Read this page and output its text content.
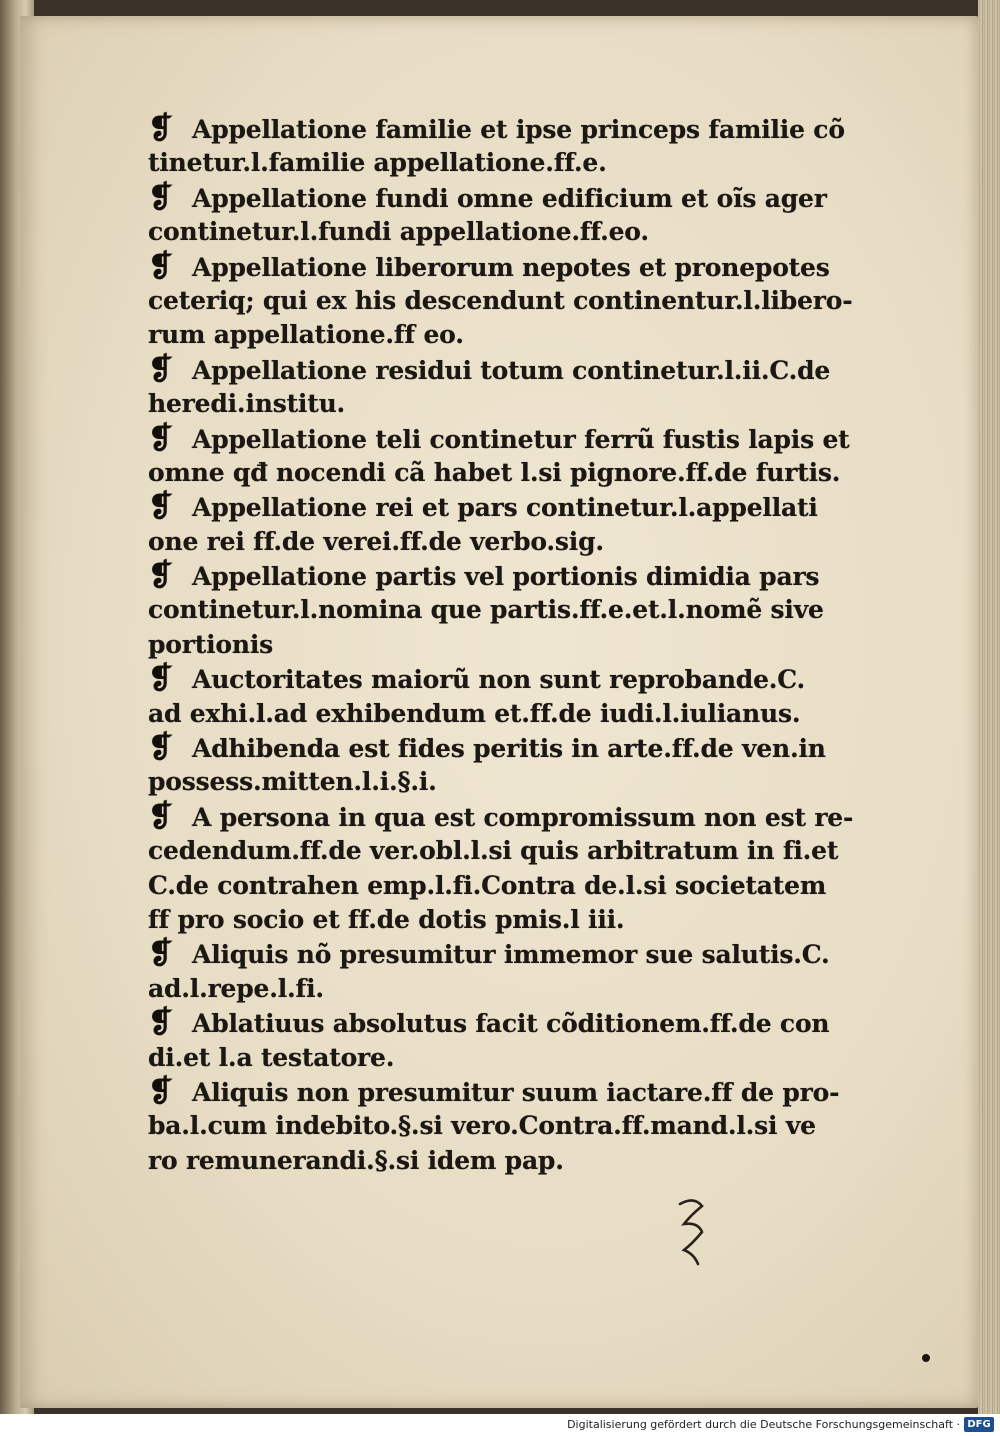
❡ Appellatione familie et ipse princeps familie cõ
tinetur.l.familie appellatione.ff.e.
❡ Appellatione fundi omne edificium et oĩs ager
continetur.l.fundi appellatione.ff.eo.
❡ Appellatione liberorum nepotes et pronepotes
ceteriq; qui ex his descendunt continentur.l.libero-
rum appellatione.ff eo.
❡ Appellatione residui totum continetur.l.ii.C.de
heredi.institu.
❡ Appellatione teli continetur ferrũ fustis lapis et
omne qđ nocendi cã habet l.si pignore.ff.de furtis.
❡ Appellatione rei et pars continetur.l.appellati
one rei ff.de verei.ff.de verbo.sig.
❡ Appellatione partis vel portionis dimidia pars
continetur.l.nomina que partis.ff.e.et.l.nomẽ sive
portionis
❡ Auctoritates maiorũ non sunt reprobande.C.
ad exhi.l.ad exhibendum et.ff.de iudi.l.iulianus.
❡ Adhibenda est fides peritis in arte.ff.de ven.in
possess.mitten.l.i.§.i.
❡ A persona in qua est compromissum non est re-
cedendum.ff.de ver.obl.l.si quis arbitratum in fi.et
C.de contrahen emp.l.fi.Contra de.l.si societatem
ff pro socio et ff.de dotis pmis.l iii.
❡ Aliquis nõ presumitur immemor sue salutis.C.
ad.l.repe.l.fi.
❡ Ablatiuus absolutus facit cõditionem.ff.de con
di.et l.a testatore.
❡ Aliquis non presumitur suum iactare.ff de pro-
ba.l.cum indebito.§.si vero.Contra.ff.mand.l.si ve
ro remunerandi.§.si idem pap.
Digitalisierung gefördert durch die Deutsche Forschungsgemeinschaft · DFG
